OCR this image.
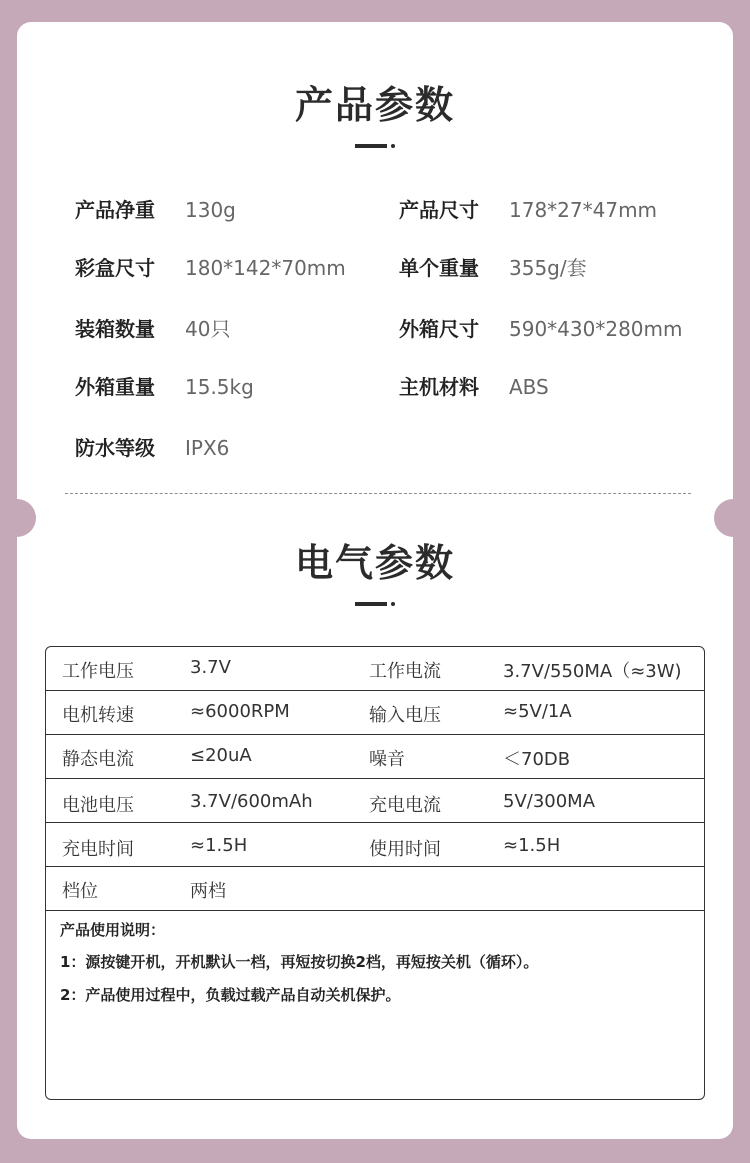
产品参数
产品净重 130g	产品尺寸 178*27*47mm
彩盒尺寸 180*142*70mm	单个重量 355g/套
装箱数量 40只	外箱尺寸 590*430*280mm
外箱重量 15.5kg	主机材料 ABS
防水等级 IPX6
电气参数
工作电压	3.7V	工作电流	3.7V/550MA（≈3W)
电机转速	≈6000RPM	输入电压	≈5V/1A
静态电流	≤20uA	噪音	＜70DB
电池电压	3.7V/600mAh	充电电流	5V/300MA
充电时间	≈1.5H	使用时间	≈1.5H
档位	两档
产品使用说明：
1：源按键开机，开机默认一档，再短按切换2档，再短按关机（循环）。
2：产品使用过程中，负载过载产品自动关机保护。
